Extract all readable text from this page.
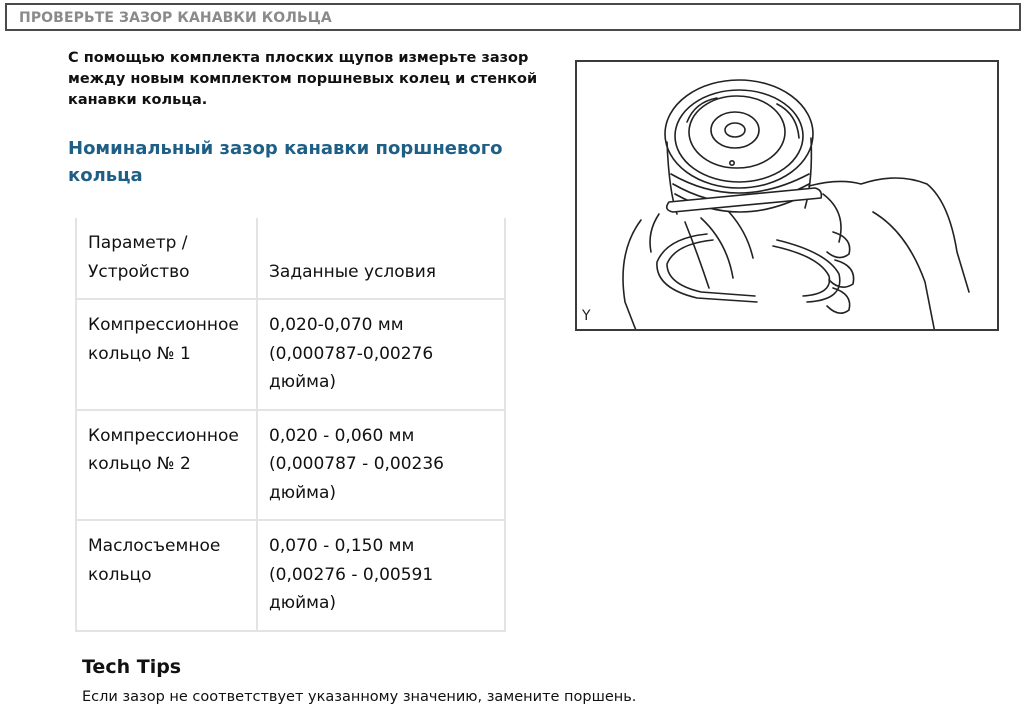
ПРОВЕРЬТЕ ЗАЗОР КАНАВКИ КОЛЬЦА
С помощью комплекта плоских щупов измерьте зазор между новым комплектом поршневых колец и стенкой канавки кольца.
Номинальный зазор канавки поршневого кольца
Параметр / Устройство	Заданные условия
Компрессионное кольцо № 1	0,020-0,070 мм (0,000787-0,00276 дюйма)
Компрессионное кольцо № 2	0,020 - 0,060 мм (0,000787 - 0,00236 дюйма)
Маслосъемное кольцо	0,070 - 0,150 мм (0,00276 - 0,00591 дюйма)
Y
Tech Tips
Если зазор не соответствует указанному значению, замените поршень.
